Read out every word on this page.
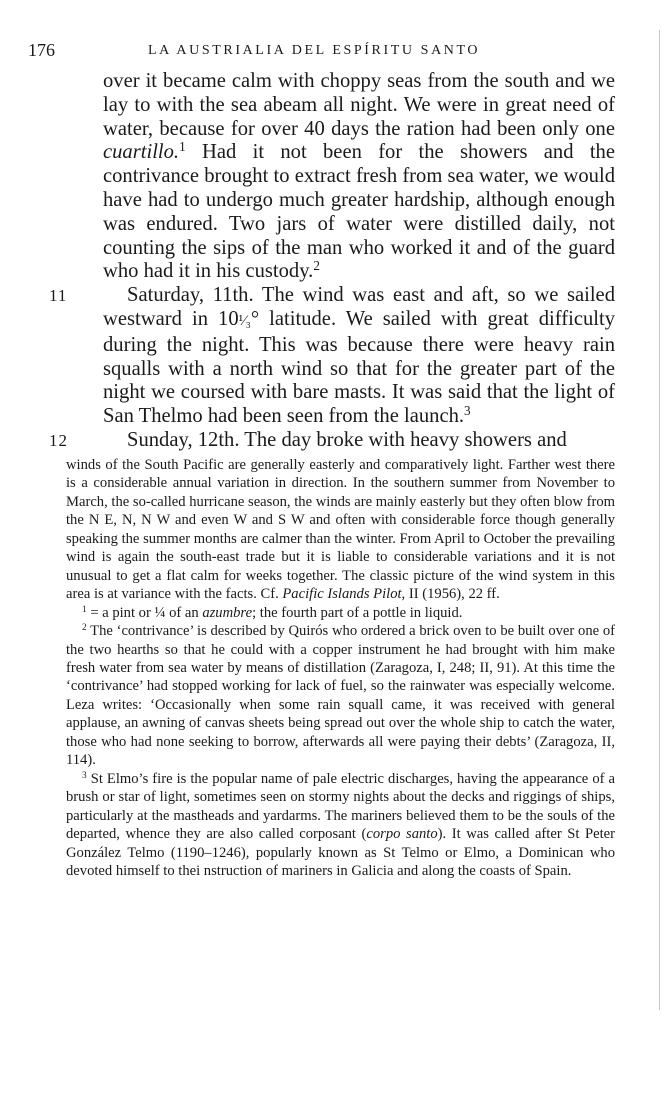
176	LA AUSTRIALIA DEL ESPÍRITU SANTO

over it became calm with choppy seas from the south and we lay to with the sea abeam all night. We were in great need of water, because for over 40 days the ration had been only one cuartillo.$^1$ Had it not been for the showers and the contrivance brought to extract fresh from sea water, we would have had to undergo much greater hardship, although enough was endured. Two jars of water were distilled daily, not counting the sips of the man who worked it and of the guard who had it in his custody.$^2$

11	Saturday, 11th. The wind was east and aft, so we sailed westward in 10¹⁄₃° latitude. We sailed with great difficulty during the night. This was because there were heavy rain squalls with a north wind so that for the greater part of the night we coursed with bare masts. It was said that the light of San Thelmo had been seen from the launch.$^3$

12	Sunday, 12th. The day broke with heavy showers and

winds of the South Pacific are generally easterly and comparatively light. Farther west there is a considerable annual variation in direction. In the southern summer from November to March, the so-called hurricane season, the winds are mainly easterly but they often blow from the N E, N, N W and even W and S W and often with considerable force though generally speaking the summer months are calmer than the winter. From April to October the prevailing wind is again the south-east trade but it is liable to considerable variations and it is not unusual to get a flat calm for weeks together. The classic picture of the wind system in this area is at variance with the facts. Cf. Pacific Islands Pilot, II (1956), 22 ff.

$^1$ = a pint or ¼ of an azumbre; the fourth part of a pottle in liquid.

$^2$ The ‘contrivance’ is described by Quirós who ordered a brick oven to be built over one of the two hearths so that he could with a copper instrument he had brought with him make fresh water from sea water by means of distillation (Zaragoza, I, 248; II, 91). At this time the ‘contrivance’ had stopped working for lack of fuel, so the rainwater was especially welcome. Leza writes: ‘Occasionally when some rain squall came, it was received with general applause, an awning of canvas sheets being spread out over the whole ship to catch the water, those who had none seeking to borrow, afterwards all were paying their debts’ (Zaragoza, II, 114).

$^3$ St Elmo’s fire is the popular name of pale electric discharges, having the appearance of a brush or star of light, sometimes seen on stormy nights about the decks and riggings of ships, particularly at the mastheads and yardarms. The mariners believed them to be the souls of the departed, whence they are also called corposant (corpo santo). It was called after St Peter González Telmo (1190–1246), popularly known as St Telmo or Elmo, a Dominican who devoted himself to thei nstruction of mariners in Galicia and along the coasts of Spain.
